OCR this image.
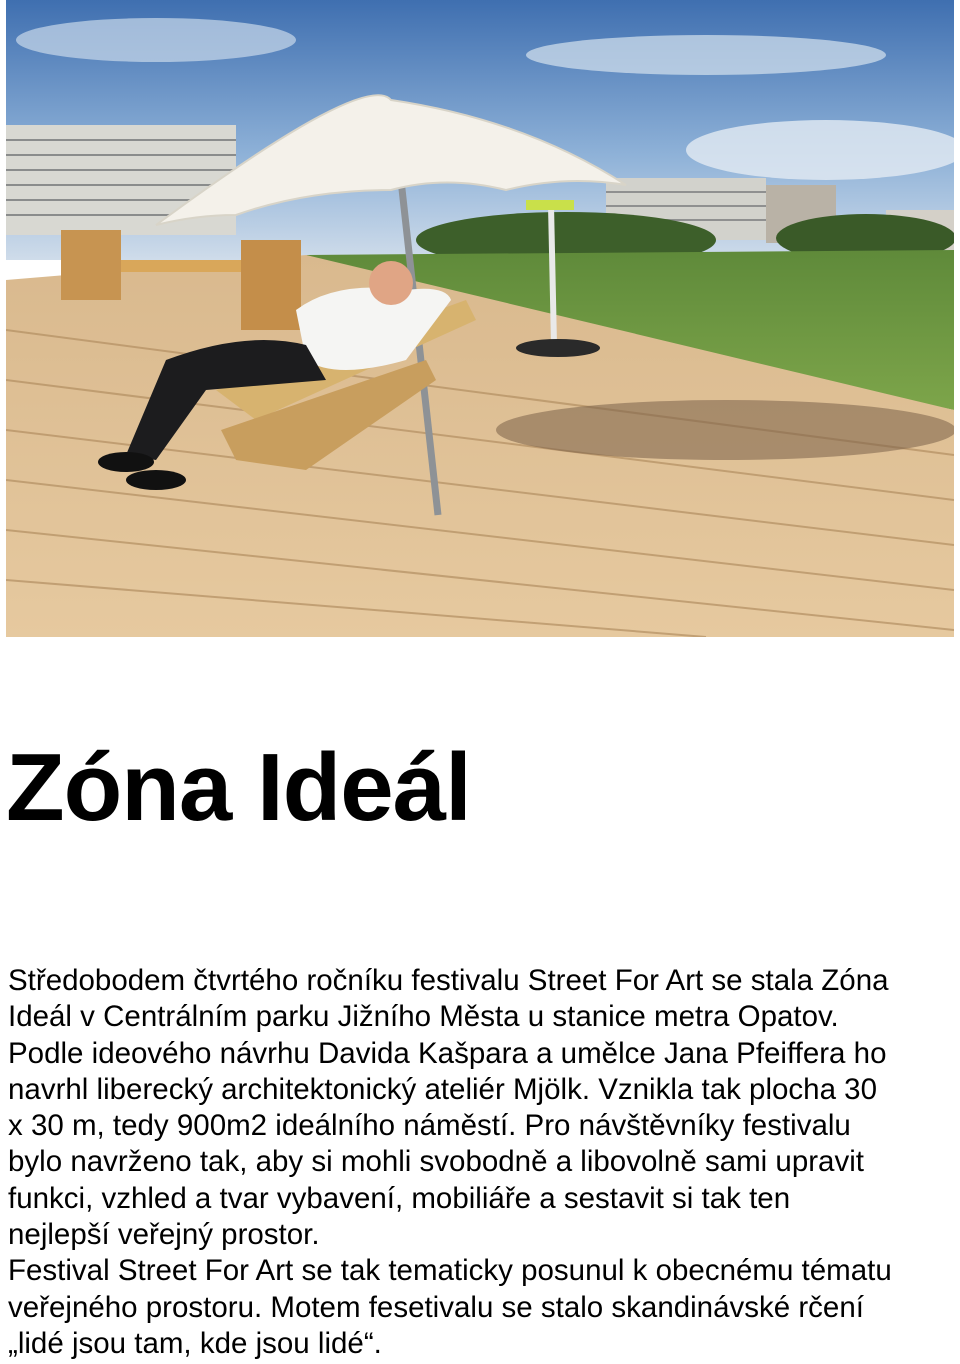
Zóna Ideál
Středobodem čtvrtého ročníku festivalu Street For Art se stala Zóna
Ideál v Centrálním parku Jižního Města u stanice metra Opatov.
Podle ideového návrhu Davida Kašpara a umělce Jana Pfeiffera ho
navrhl liberecký architektonický ateliér Mjölk. Vznikla tak plocha 30
x 30 m, tedy 900m2 ideálního náměstí. Pro návštěvníky festivalu
bylo navrženo tak, aby si mohli svobodně a libovolně sami upravit
funkci, vzhled a tvar vybavení, mobiliáře a sestavit si tak ten
nejlepší veřejný prostor.
Festival Street For Art se tak tematicky posunul k obecnému tématu
veřejného prostoru. Motem fesetivalu se stalo skandinávské rčení
„lidé jsou tam, kde jsou lidé“.
